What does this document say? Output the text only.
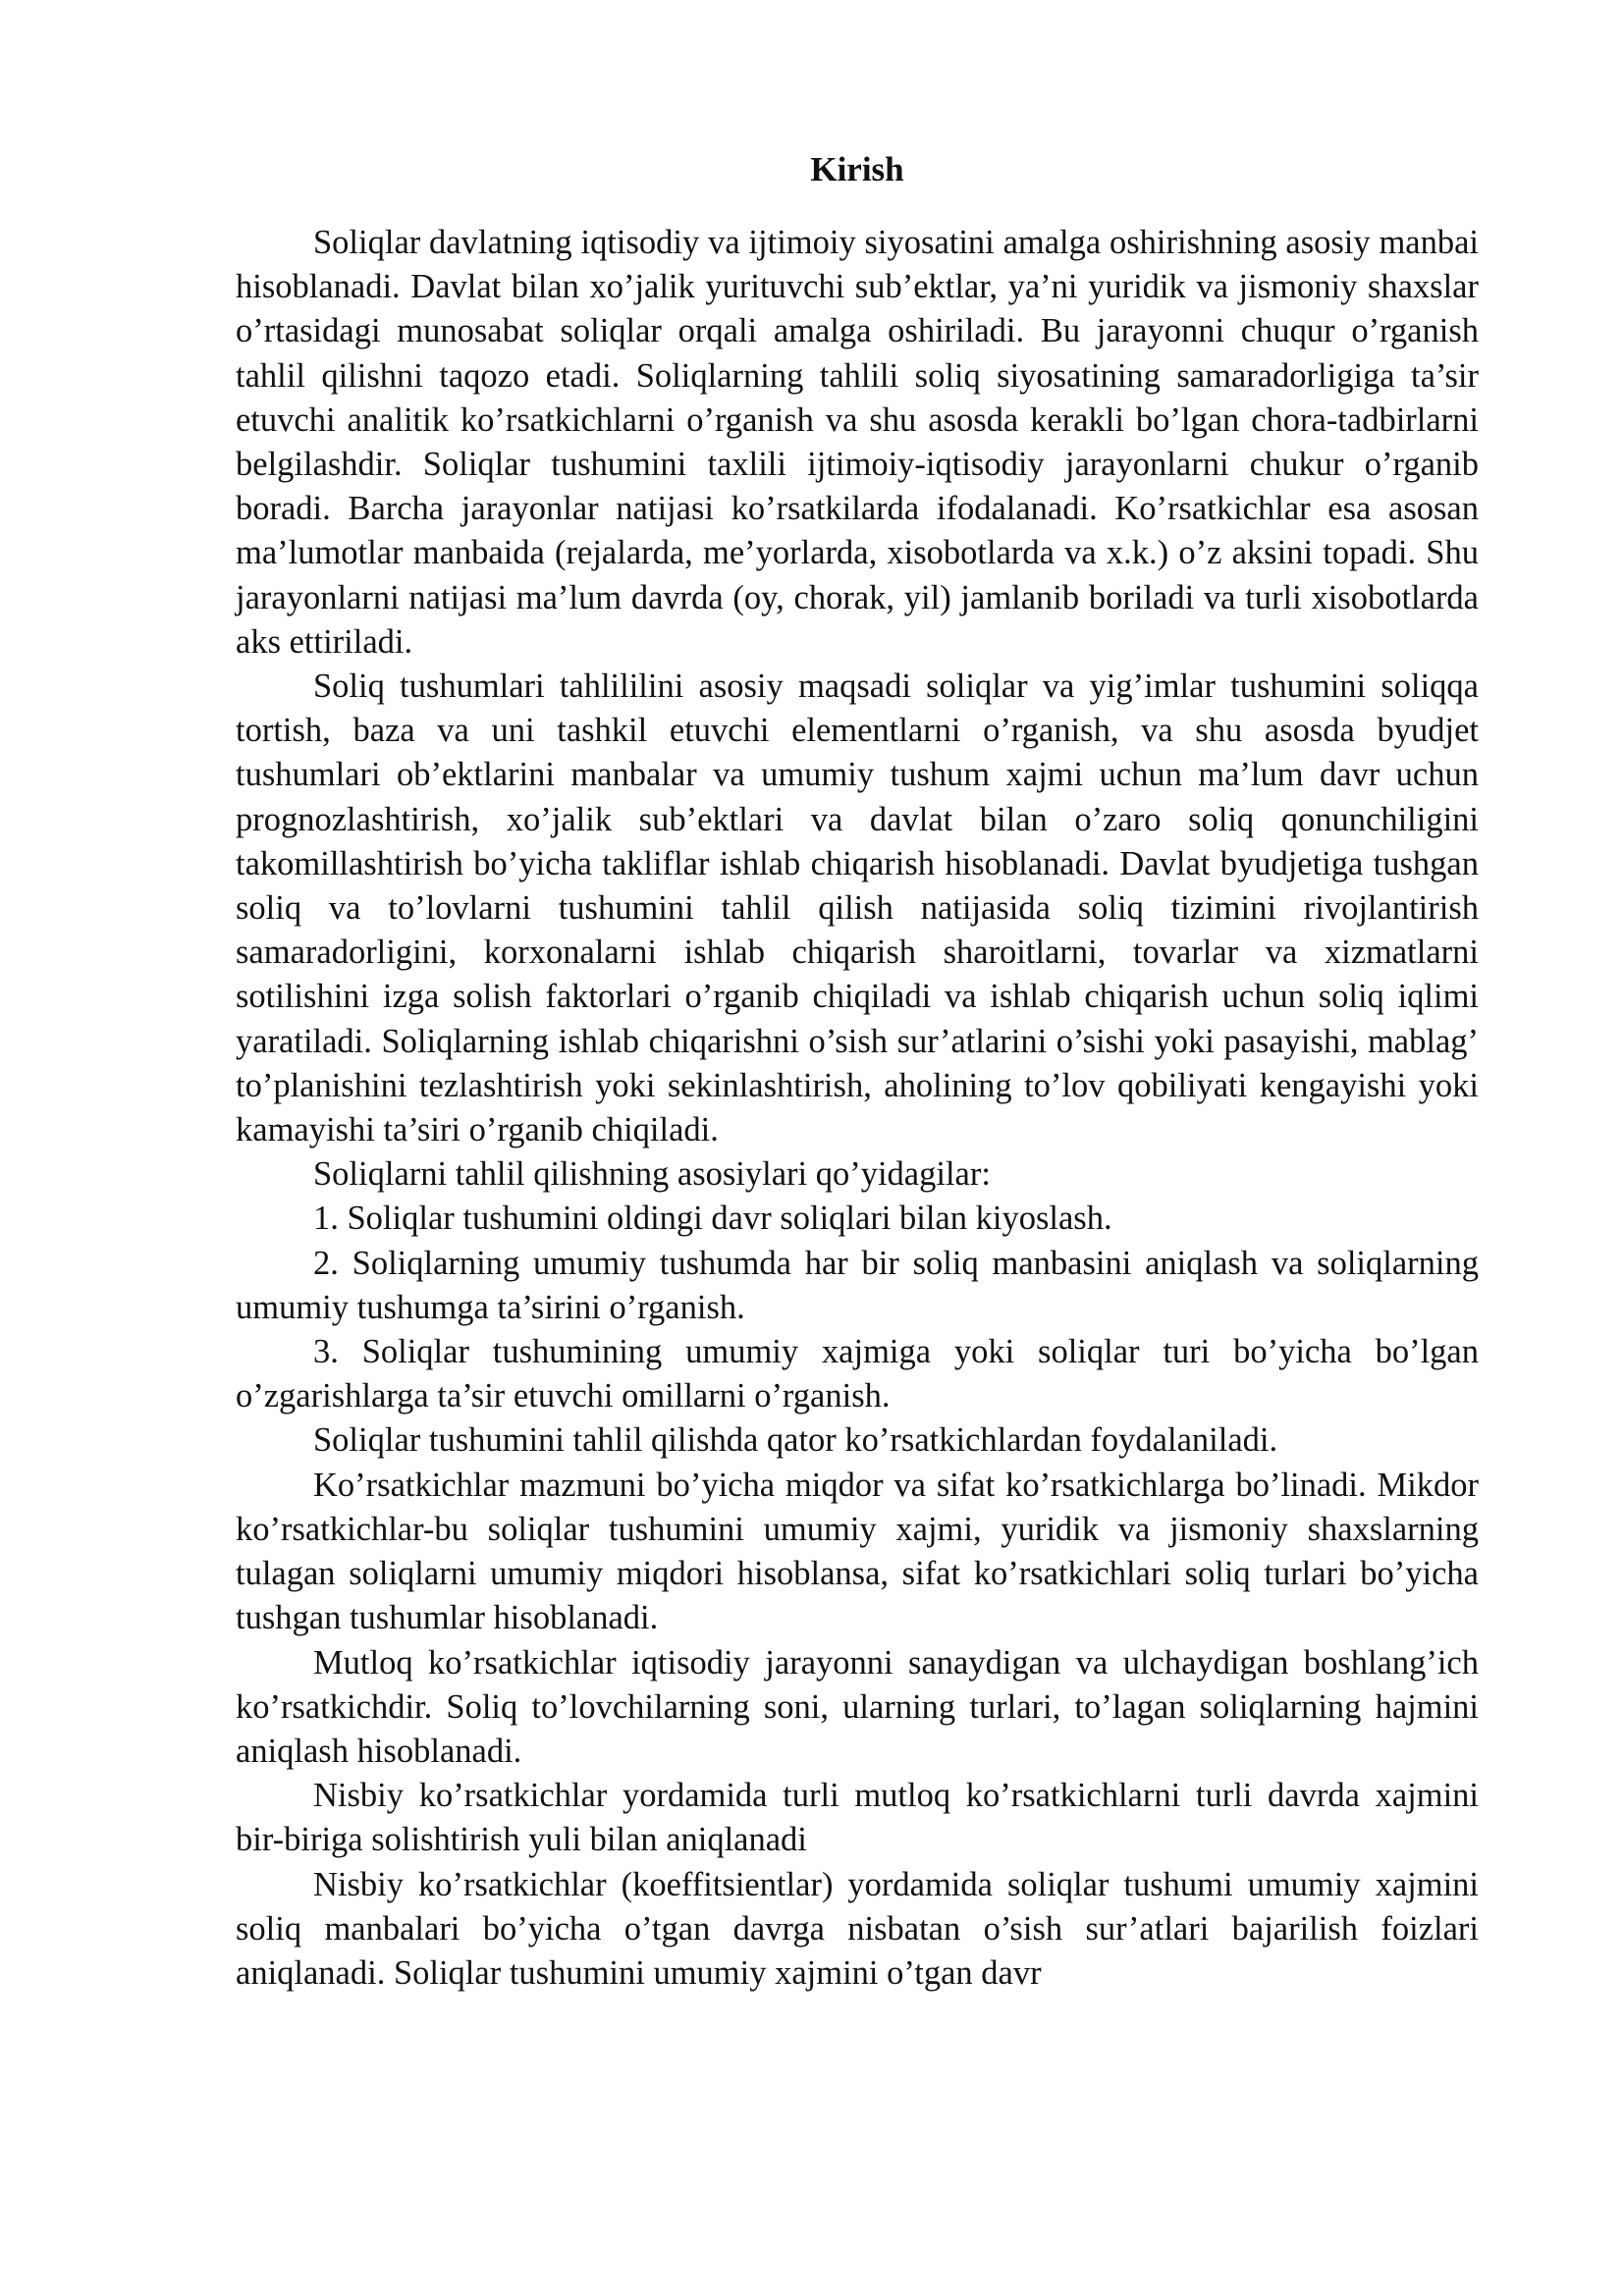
Kirish

Soliqlar davlatning iqtisodiy va ijtimoiy siyosatini amalga oshirishning asosiy manbai hisoblanadi. Davlat bilan xo’jalik yurituvchi sub’ektlar, ya’ni yuridik va jismoniy shaxslar o’rtasidagi munosabat soliqlar orqali amalga oshiriladi. Bu jarayonni chuqur o’rganish tahlil qilishni taqozo etadi. Soliqlarning tahlili soliq siyosatining samaradorligiga ta’sir etuvchi analitik ko’rsatkichlarni o’rganish va shu asosda kerakli bo’lgan chora-tadbirlarni belgilashdir. Soliqlar tushumini taxlili ijtimoiy-iqtisodiy jarayonlarni chukur o’rganib boradi. Barcha jarayonlar natijasi ko’rsatkilarda ifodalanadi. Ko’rsatkichlar esa asosan ma’lumotlar manbaida (rejalarda, me’yorlarda, xisobotlarda va x.k.) o’z aksini topadi. Shu jarayonlarni natijasi ma’lum davrda (oy, chorak, yil) jamlanib boriladi va turli xisobotlarda aks ettiriladi.

Soliq tushumlari tahlililini asosiy maqsadi soliqlar va yig’imlar tushumini soliqqa tortish, baza va uni tashkil etuvchi elementlarni o’rganish, va shu asosda byudjet tushumlari ob’ektlarini manbalar va umumiy tushum xajmi uchun ma’lum davr uchun prognozlashtirish, xo’jalik sub’ektlari va davlat bilan o’zaro soliq qonunchiligini takomillashtirish bo’yicha takliflar ishlab chiqarish hisoblanadi. Davlat byudjetiga tushgan soliq va to’lovlarni tushumini tahlil qilish natijasida soliq tizimini rivojlantirish samaradorligini, korxonalarni ishlab chiqarish sharoitlarni, tovarlar va xizmatlarni sotilishini izga solish faktorlari o’rganib chiqiladi va ishlab chiqarish uchun soliq iqlimi yaratiladi. Soliqlarning ishlab chiqarishni o’sish sur’atlarini o’sishi yoki pasayishi, mablag’ to’planishini tezlashtirish yoki sekinlashtirish, aholining to’lov qobiliyati kengayishi yoki kamayishi ta’siri o’rganib chiqiladi.

Soliqlarni tahlil qilishning asosiylari qo’yidagilar:

1. Soliqlar tushumini oldingi davr soliqlari bilan kiyoslash.

2. Soliqlarning umumiy tushumda har bir soliq manbasini aniqlash va soliqlarning umumiy tushumga ta’sirini o’rganish.

3. Soliqlar tushumining umumiy xajmiga yoki soliqlar turi bo’yicha bo’lgan o’zgarishlarga ta’sir etuvchi omillarni o’rganish.

Soliqlar tushumini tahlil qilishda qator ko’rsatkichlardan foydalaniladi.

Ko’rsatkichlar mazmuni bo’yicha miqdor va sifat ko’rsatkichlarga bo’linadi. Mikdor ko’rsatkichlar-bu soliqlar tushumini umumiy xajmi, yuridik va jismoniy shaxslarning tulagan soliqlarni umumiy miqdori hisoblansa, sifat ko’rsatkichlari soliq turlari bo’yicha tushgan tushumlar hisoblanadi.

Mutloq ko’rsatkichlar iqtisodiy jarayonni sanaydigan va ulchaydigan boshlang’ich ko’rsatkichdir. Soliq to’lovchilarning soni, ularning turlari, to’lagan soliqlarning hajmini aniqlash hisoblanadi.

Nisbiy ko’rsatkichlar yordamida turli mutloq ko’rsatkichlarni turli davrda xajmini bir-biriga solishtirish yuli bilan aniqlanadi

Nisbiy ko’rsatkichlar (koeffitsientlar) yordamida soliqlar tushumi umumiy xajmini soliq manbalari bo’yicha o’tgan davrga nisbatan o’sish sur’atlari bajarilish foizlari aniqlanadi. Soliqlar tushumini umumiy xajmini o’tgan davr
